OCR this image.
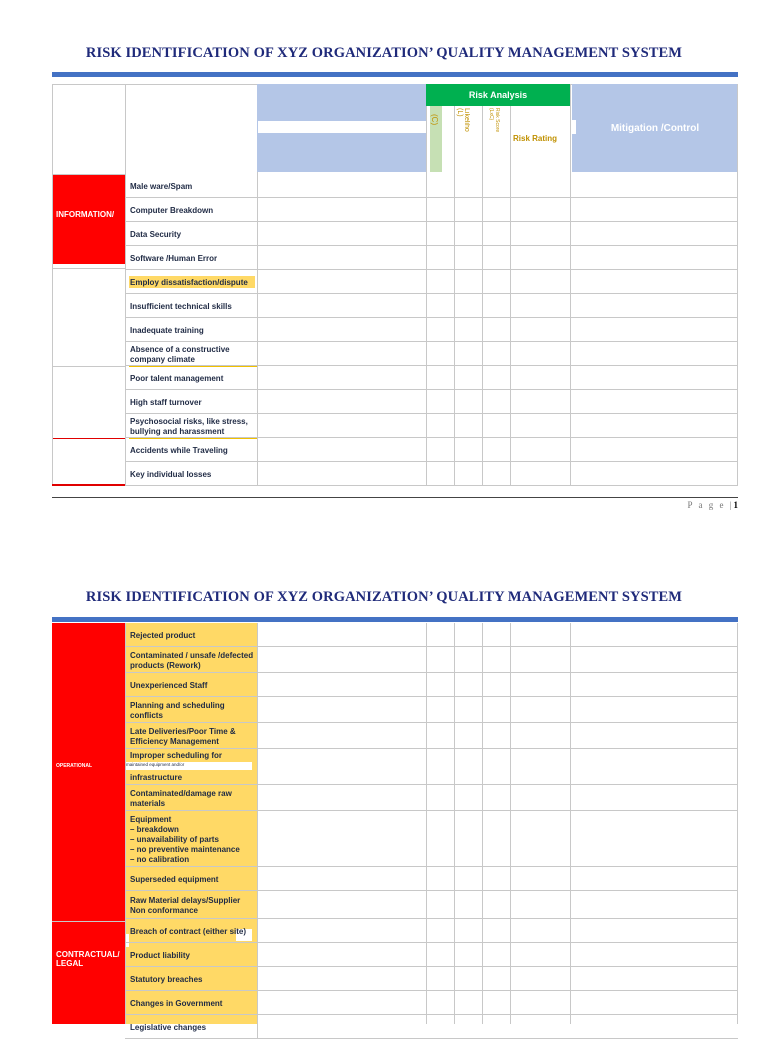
RISK IDENTIFICATION OF XYZ ORGANIZATION’ QUALITY MANAGEMENT SYSTEM
Risk Analysis
(C)	Likeliho (L)	Risk Score (LxC)
Risk Rating
Mitigation /Control
INFORMATION/
Male ware/Spam
Computer Breakdown
Data Security
Software /Human Error
Employ dissatisfaction/dispute
Insufficient technical skills
Inadequate training
Absence of a constructive company climate
Poor talent management
High staff turnover
Psychosocial risks, like stress, bullying and harassment
Accidents while Traveling
Key individual losses
P a g e |1
RISK IDENTIFICATION OF XYZ ORGANIZATION’ QUALITY MANAGEMENT SYSTEM
OPERATIONAL
CONTRACTUAL/ LEGAL
maintained equipment and/or
Rejected product
Contaminated / unsafe /defected products (Rework)
Unexperienced Staff
Planning and scheduling conflicts
Late Deliveries/Poor Time & Efficiency Management
Improper scheduling for
infrastructure
Contaminated/damage raw materials
Equipment
– breakdown
– unavailability of parts
– no preventive maintenance
– no calibration
Superseded equipment
Raw Material delays/Supplier Non conformance
Breach of contract (either site)
Product liability
Statutory breaches
Changes in Government
Legislative changes
